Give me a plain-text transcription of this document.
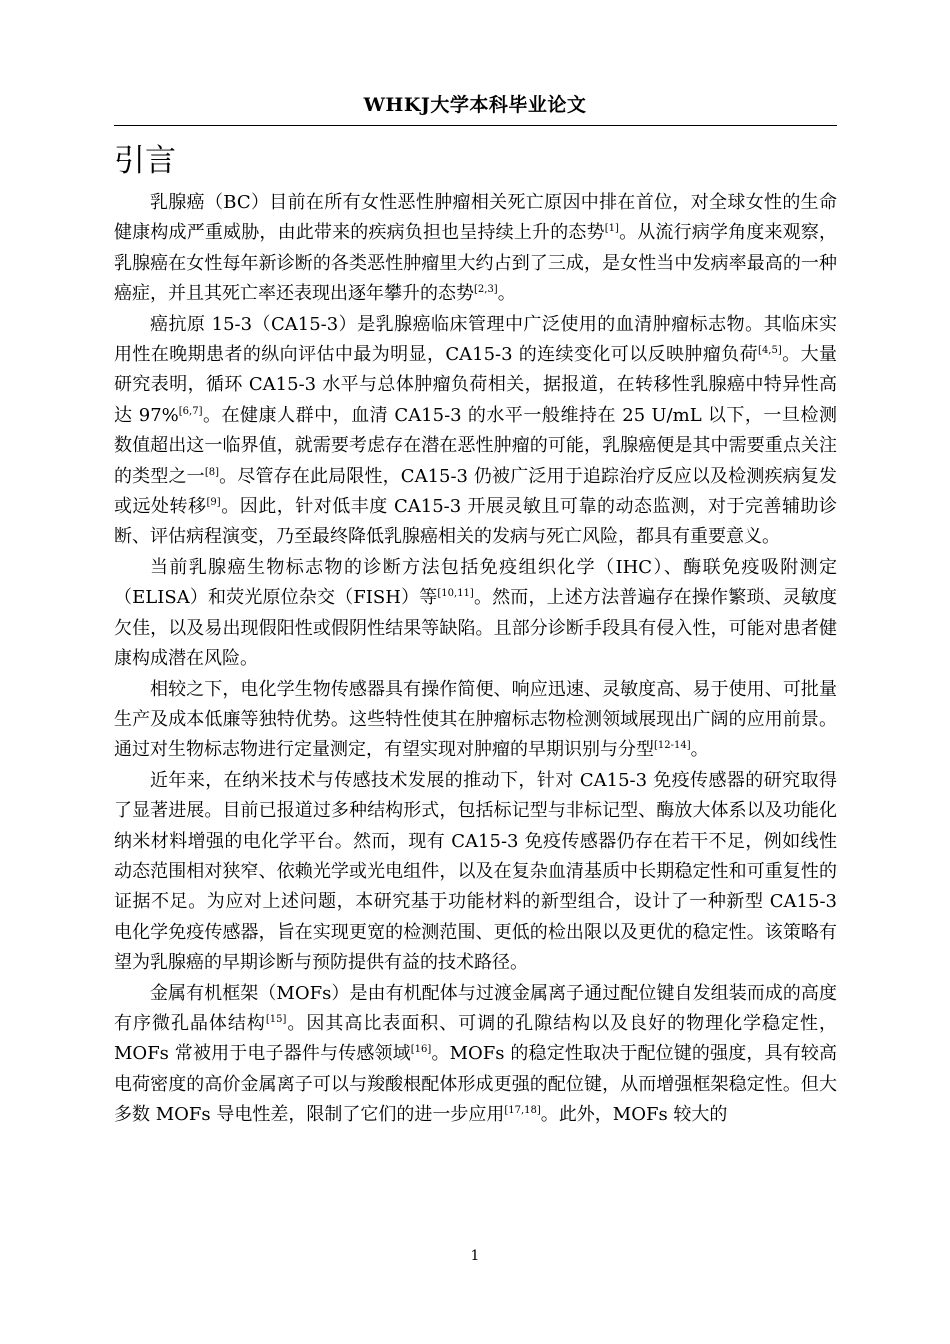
WHKJ大学本科毕业论文
引言

乳腺癌（BC）目前在所有女性恶性肿瘤相关死亡原因中排在首位，对全球女性的生命健康构成严重威胁，由此带来的疾病负担也呈持续上升的态势[1]。从流行病学角度来观察，乳腺癌在女性每年新诊断的各类恶性肿瘤里大约占到了三成，是女性当中发病率最高的一种癌症，并且其死亡率还表现出逐年攀升的态势[2,3]。

癌抗原 15-3（CA15-3）是乳腺癌临床管理中广泛使用的血清肿瘤标志物。其临床实用性在晚期患者的纵向评估中最为明显，CA15-3 的连续变化可以反映肿瘤负荷[4,5]。大量研究表明，循环 CA15-3 水平与总体肿瘤负荷相关，据报道，在转移性乳腺癌中特异性高达 97%[6,7]。在健康人群中，血清 CA15-3 的水平一般维持在 25 U/mL 以下，一旦检测数值超出这一临界值，就需要考虑存在潜在恶性肿瘤的可能，乳腺癌便是其中需要重点关注的类型之一[8]。尽管存在此局限性，CA15-3 仍被广泛用于追踪治疗反应以及检测疾病复发或远处转移[9]。因此，针对低丰度 CA15-3 开展灵敏且可靠的动态监测，对于完善辅助诊断、评估病程演变，乃至最终降低乳腺癌相关的发病与死亡风险，都具有重要意义。

当前乳腺癌生物标志物的诊断方法包括免疫组织化学（IHC）、酶联免疫吸附测定（ELISA）和荧光原位杂交（FISH）等[10,11]。然而，上述方法普遍存在操作繁琐、灵敏度欠佳，以及易出现假阳性或假阴性结果等缺陷。且部分诊断手段具有侵入性，可能对患者健康构成潜在风险。

相较之下，电化学生物传感器具有操作简便、响应迅速、灵敏度高、易于使用、可批量生产及成本低廉等独特优势。这些特性使其在肿瘤标志物检测领域展现出广阔的应用前景。通过对生物标志物进行定量测定，有望实现对肿瘤的早期识别与分型[12-14]。

近年来，在纳米技术与传感技术发展的推动下，针对 CA15-3 免疫传感器的研究取得了显著进展。目前已报道过多种结构形式，包括标记型与非标记型、酶放大体系以及功能化纳米材料增强的电化学平台。然而，现有 CA15-3 免疫传感器仍存在若干不足，例如线性动态范围相对狭窄、依赖光学或光电组件，以及在复杂血清基质中长期稳定性和可重复性的证据不足。为应对上述问题，本研究基于功能材料的新型组合，设计了一种新型 CA15-3 电化学免疫传感器，旨在实现更宽的检测范围、更低的检出限以及更优的稳定性。该策略有望为乳腺癌的早期诊断与预防提供有益的技术路径。

金属有机框架（MOFs）是由有机配体与过渡金属离子通过配位键自发组装而成的高度有序微孔晶体结构[15]。因其高比表面积、可调的孔隙结构以及良好的物理化学稳定性，MOFs 常被用于电子器件与传感领域[16]。MOFs 的稳定性取决于配位键的强度，具有较高电荷密度的高价金属离子可以与羧酸根配体形成更强的配位键，从而增强框架稳定性。但大多数 MOFs 导电性差，限制了它们的进一步应用[17,18]。此外，MOFs 较大的

1
